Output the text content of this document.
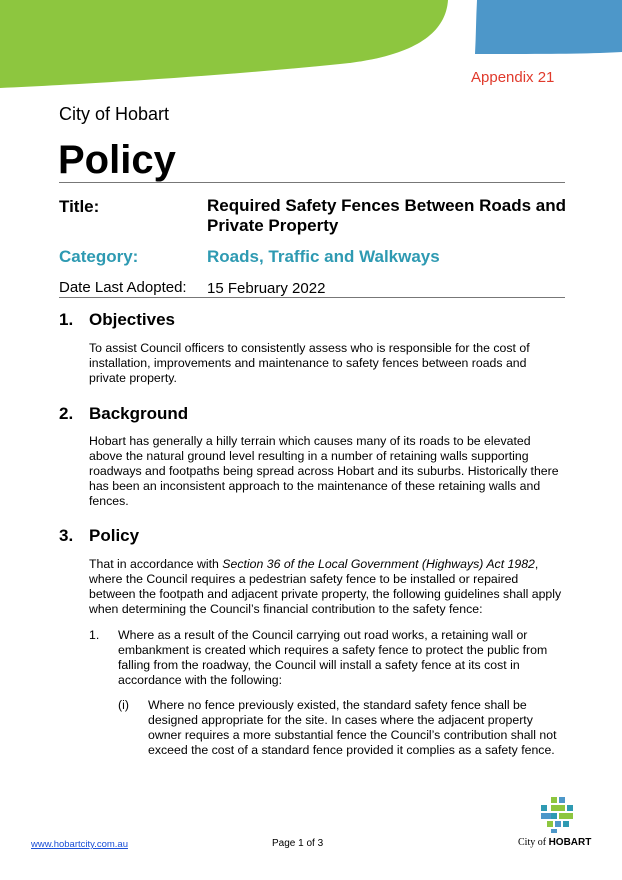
Appendix 21
City of Hobart
Policy
Title:	Required Safety Fences Between Roads and Private Property
Category:	Roads, Traffic and Walkways
Date Last Adopted: 15 February 2022
1. Objectives
To assist Council officers to consistently assess who is responsible for the cost of installation, improvements and maintenance to safety fences between roads and private property.
2. Background
Hobart has generally a hilly terrain which causes many of its roads to be elevated above the natural ground level resulting in a number of retaining walls supporting roadways and footpaths being spread across Hobart and its suburbs. Historically there has been an inconsistent approach to the maintenance of these retaining walls and fences.
3. Policy
That in accordance with Section 36 of the Local Government (Highways) Act 1982, where the Council requires a pedestrian safety fence to be installed or repaired between the footpath and adjacent private property, the following guidelines shall apply when determining the Council’s financial contribution to the safety fence:
1. Where as a result of the Council carrying out road works, a retaining wall or embankment is created which requires a safety fence to protect the public from falling from the roadway, the Council will install a safety fence at its cost in accordance with the following:
(i) Where no fence previously existed, the standard safety fence shall be designed appropriate for the site. In cases where the adjacent property owner requires a more substantial fence the Council’s contribution shall not exceed the cost of a standard fence provided it complies as a safety fence.
www.hobartcity.com.au	Page 1 of 3	City of HOBART
